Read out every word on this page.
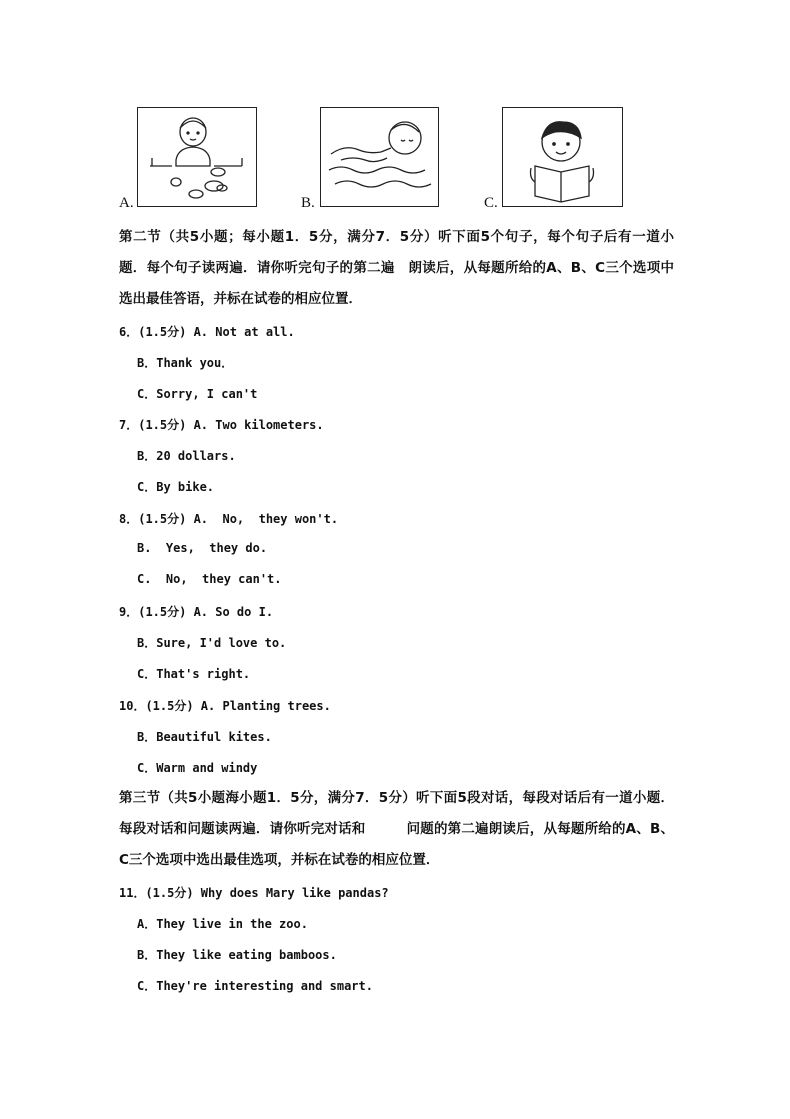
A.	B.	C.
第二节（共5小题；每小题1．5分，满分7．5分）听下面5个句子，每个句子后有一道小题．每个句子读两遍．请你听完句子的第二遍　朗读后，从每题所给的A、B、C三个选项中选出最佳答语，并标在试卷的相应位置．
6．(1.5分) A. Not at all.
B．Thank you．
C．Sorry, I can't
7．(1.5分) A. Two kilometers.
B．20 dollars.
C．By bike.
8．(1.5分) A.  No,  they won't.
B.  Yes,  they do.
C.  No,  they can't.
9．(1.5分) A. So do I.
B．Sure, I'd love to.
C．That's right.
10．(1.5分) A. Planting trees.
B．Beautiful kites.
C．Warm and windy
第三节（共5小题海小题1．5分，满分7．5分）听下面5段对话，每段对话后有一道小题．每段对话和问题读两遍．请你听完对话和　　　问题的第二遍朗读后，从每题所给的A、B、C三个选项中选出最佳选项，并标在试卷的相应位置．
11．(1.5分) Why does Mary like pandas?
A．They live in the zoo.
B．They like eating bamboos.
C．They're interesting and smart.
